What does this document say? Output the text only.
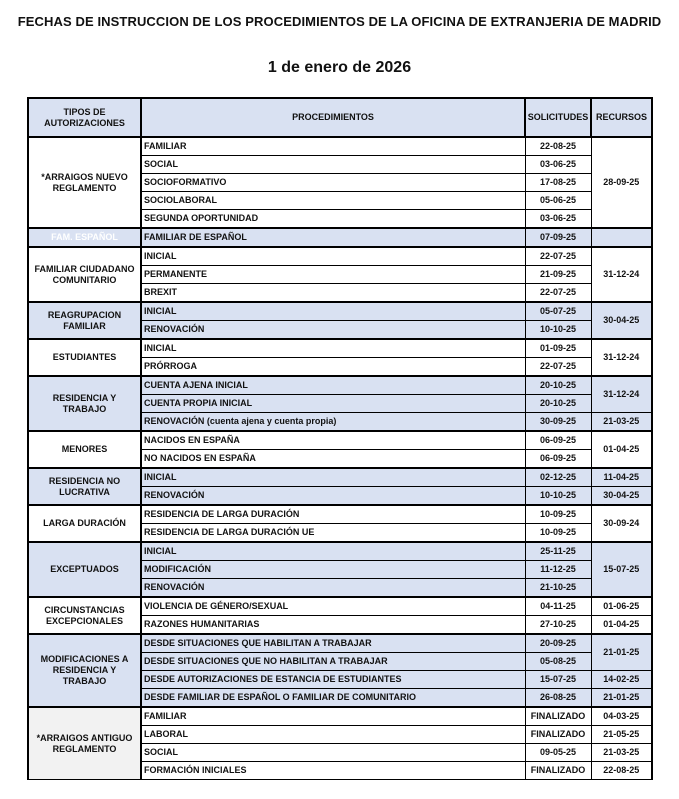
FECHAS DE INSTRUCCION DE LOS PROCEDIMIENTOS DE LA OFICINA DE EXTRANJERIA DE MADRID
1 de enero de 2026
TIPOS DE AUTORIZACIONES	PROCEDIMIENTOS	SOLICITUDES	RECURSOS
*ARRAIGOS NUEVO REGLAMENTO	FAMILIAR	22-08-25	28-09-25
	SOCIAL	03-06-25	
	SOCIOFORMATIVO	17-08-25	
	SOCIOLABORAL	05-06-25	
	SEGUNDA OPORTUNIDAD	03-06-25	
FAM. ESPAÑOL	FAMILIAR DE ESPAÑOL	07-09-25	
FAMILIAR CIUDADANO COMUNITARIO	INICIAL	22-07-25	31-12-24
	PERMANENTE	21-09-25	
	BREXIT	22-07-25	
REAGRUPACION FAMILIAR	INICIAL	05-07-25	30-04-25
	RENOVACIÓN	10-10-25	
ESTUDIANTES	INICIAL	01-09-25	31-12-24
	PRÓRROGA	22-07-25	
RESIDENCIA Y TRABAJO	CUENTA AJENA INICIAL	20-10-25	31-12-24
	CUENTA PROPIA INICIAL	20-10-25	
	RENOVACIÓN (cuenta ajena y cuenta propia)	30-09-25	21-03-25
MENORES	NACIDOS EN ESPAÑA	06-09-25	01-04-25
	NO NACIDOS EN ESPAÑA	06-09-25	
RESIDENCIA NO LUCRATIVA	INICIAL	02-12-25	11-04-25
	RENOVACIÓN	10-10-25	30-04-25
LARGA DURACIÓN	RESIDENCIA DE LARGA DURACIÓN	10-09-25	30-09-24
	RESIDENCIA DE LARGA DURACIÓN UE	10-09-25	
EXCEPTUADOS	INICIAL	25-11-25	15-07-25
	MODIFICACIÓN	11-12-25	
	RENOVACIÓN	21-10-25	
CIRCUNSTANCIAS EXCEPCIONALES	VIOLENCIA DE GÉNERO/SEXUAL	04-11-25	01-06-25
	RAZONES HUMANITARIAS	27-10-25	01-04-25
MODIFICACIONES A RESIDENCIA Y TRABAJO	DESDE SITUACIONES QUE HABILITAN A TRABAJAR	20-09-25	21-01-25
	DESDE SITUACIONES QUE NO HABILITAN A TRABAJAR	05-08-25	
	DESDE AUTORIZACIONES DE ESTANCIA DE ESTUDIANTES	15-07-25	14-02-25
	DESDE FAMILIAR DE ESPAÑOL O FAMILIAR DE COMUNITARIO	26-08-25	21-01-25
*ARRAIGOS ANTIGUO REGLAMENTO	FAMILIAR	FINALIZADO	04-03-25
	LABORAL	FINALIZADO	21-05-25
	SOCIAL	09-05-25	21-03-25
	FORMACIÓN INICIALES	FINALIZADO	22-08-25
